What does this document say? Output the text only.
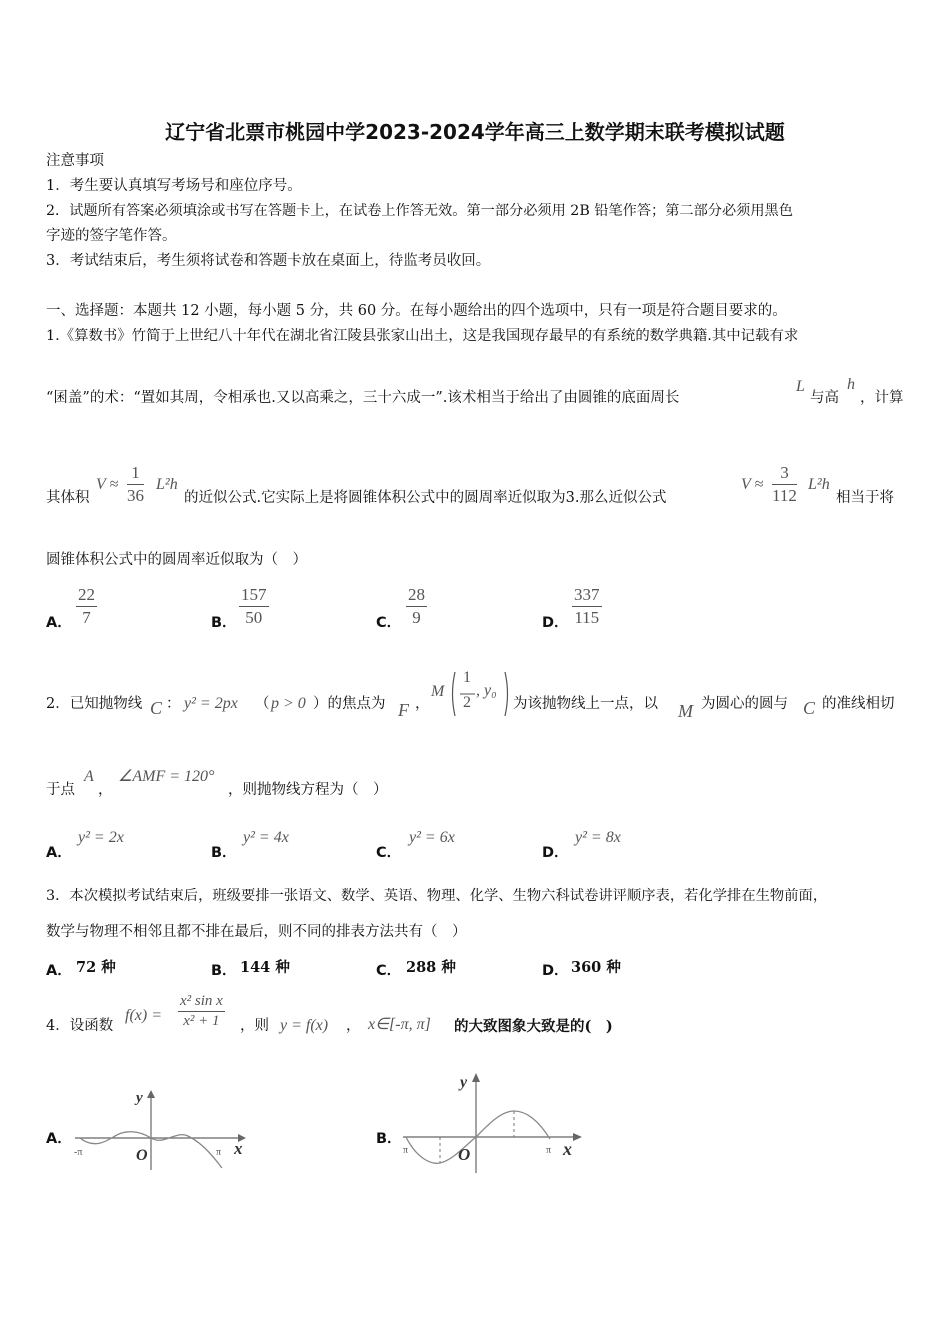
辽宁省北票市桃园中学2023-2024学年高三上数学期末联考模拟试题
注意事项
1．考生要认真填写考场号和座位序号。
2．试题所有答案必须填涂或书写在答题卡上，在试卷上作答无效。第一部分必须用 2B 铅笔作答；第二部分必须用黑色
字迹的签字笔作答。
3．考试结束后，考生须将试卷和答题卡放在桌面上，待监考员收回。
一、选择题：本题共 12 小题，每小题 5 分，共 60 分。在每小题给出的四个选项中，只有一项是符合题目要求的。
1.《算数书》竹简于上世纪八十年代在湖北省江陵县张家山出土，这是我国现存最早的有系统的数学典籍.其中记载有求
“囷盖”的术：“置如其周，令相承也.又以高乘之，三十六成一”.该术相当于给出了由圆锥的底面周长
L
与高
h
，计算
其体积
$V \approx \frac{1}{36} L^2h$
的近似公式.它实际上是将圆锥体积公式中的圆周率近似取为3.那么近似公式
$V \approx \frac{3}{112} L^2h$
相当于将
圆锥体积公式中的圆周率近似取为（　）
A． $\frac{22}{7}$	B． $\frac{157}{50}$	C． $\frac{28}{9}$	D． $\frac{337}{115}$
2．已知抛物线 C ： y² = 2px （ p > 0 ）的焦点为 F ，
M
1
2
, y₀
为该抛物线上一点，以 M 为圆心的圆与 C 的准线相切
于点
A
，
∠AMF = 120°
，则抛物线方程为（　）
A．
y² = 2x
B．
y² = 4x
C．
y² = 6x
D．
y² = 8x
3．本次模拟考试结束后，班级要排一张语文、数学、英语、物理、化学、生物六科试卷讲评顺序表，若化学排在生物前面，
数学与物理不相邻且都不排在最后，则不同的排表方法共有（　）
A． 72 种	B． 144 种	C． 288 种	D． 360 种
4．设函数
$f(x) = \frac{\text{x² sin x}}{\text{x² + 1}}$ ，则 y = f(x) ， x∈[-π, π] 的大致图象大致是的(　)
A．
-π	π
y
x
O
B．
π	π
y
x
O
